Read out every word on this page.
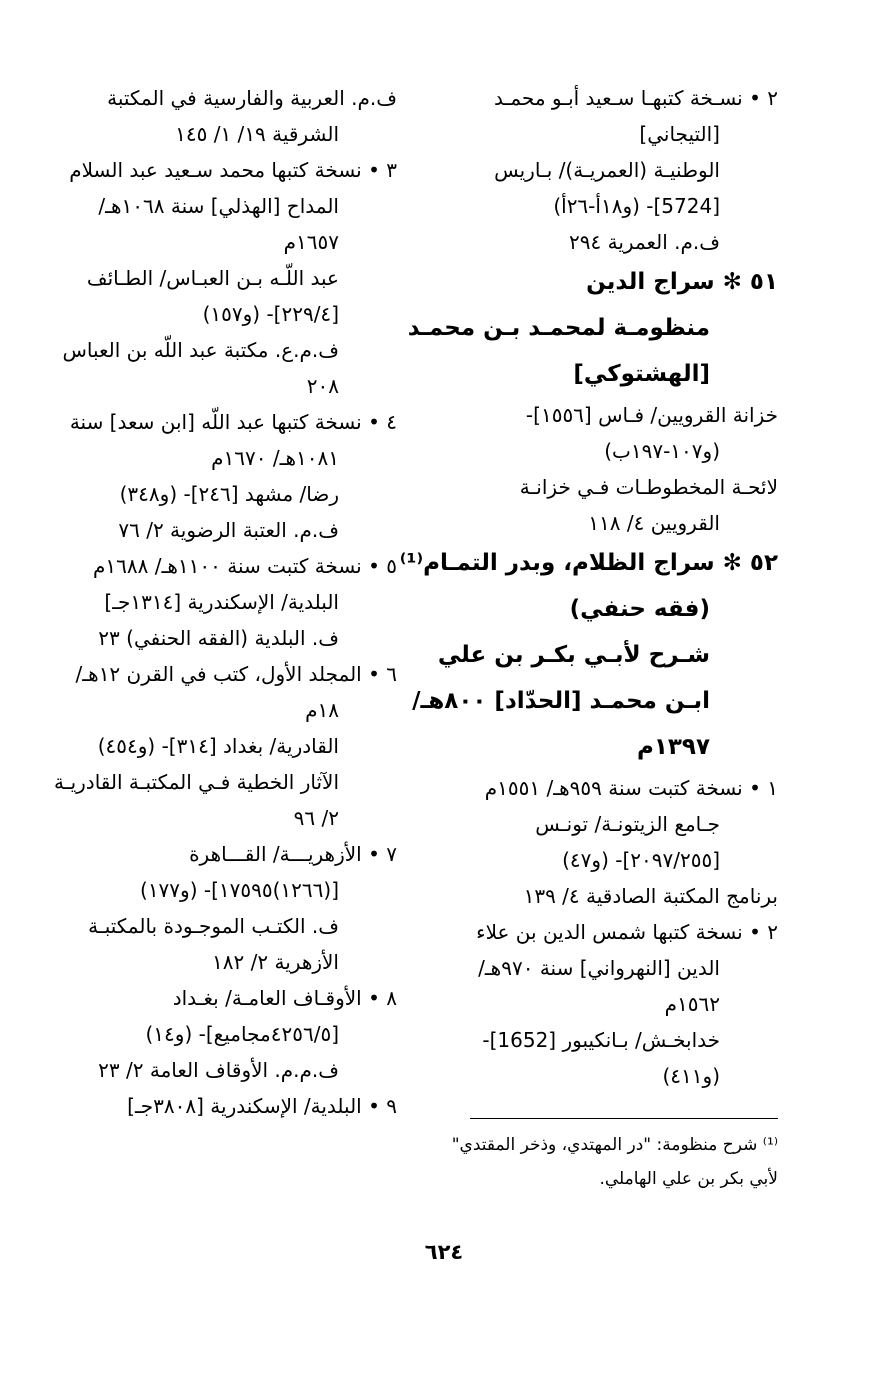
٢ • نسـخة كتبهـا سـعيد أبـو محمـد
[التيجاني]
الوطنيـة (العمريـة)/ بـاريس
[5724]- (و١٨أ-٢٦أ)
ف.م. العمرية ٢٩٤
٥١ ✻ سراج الدين
منظومـة لمحمـد بـن محمـد
[الهشتوكي]
خزانة القرويين/ فـاس [١٥٥٦]-
(و١٠٧-١٩٧ب)
لائحـة المخطوطـات فـي خزانـة
القرويين ٤/ ١١٨
٥٢ ✻ سراج الظلام، وبدر التمـام⁽¹⁾
(فقه حنفي)
شـرح لأبـي بكـر بن علي
ابـن محمـد [الحدّاد] ٨٠٠هـ/
١٣٩٧م
١ • نسخة كتبت سنة ٩٥٩هـ/ ١٥٥١م
جـامع الزيتونـة/ تونـس
[٢٠٩٧/٢٥٥]- (و٤٧)
برنامج المكتبة الصادقية ٤/ ١٣٩
٢ • نسخة كتبها شمس الدين بن علاء
الدين [النهرواني] سنة ٩٧٠هـ/
١٥٦٢م
خدابخـش/ بـانكيبور [1652]-
(و٤١١)
ف.م. العربية والفارسية في المكتبة
الشرقية ١٩/ ١/ ١٤٥
٣ • نسخة كتبها محمد سـعيد عبد السلام
المداح [الهذلي] سنة ١٠٦٨هـ/
١٦٥٧م
عبد اللّـه بـن العبـاس/ الطـائف
[٢٢٩/٤]- (و١٥٧)
ف.م.ع. مكتبة عبد اللّه بن العباس
٢٠٨
٤ • نسخة كتبها عبد اللّه [ابن سعد] سنة
١٠٨١هـ/ ١٦٧٠م
رضا/ مشهد [٢٤٦]- (و٣٤٨)
ف.م. العتبة الرضوية ٢/ ٧٦
٥ • نسخة كتبت سنة ١١٠٠هـ/ ١٦٨٨م
البلدية/ الإسكندرية [١٣١٤جـ]
ف. البلدية (الفقه الحنفي) ٢٣
٦ • المجلد الأول، كتب في القرن ١٢هـ/
١٨م
القادرية/ بغداد [٣١٤]- (و٤٥٤)
الآثار الخطية فـي المكتبـة القادريـة
٢/ ٩٦
٧ • الأزهريـــة/ القـــاهرة
[(١٢٦٦)١٧٥٩٥]- (و١٧٧)
ف. الكتـب الموجـودة بالمكتبـة
الأزهرية ٢/ ١٨٢
٨ • الأوقـاف العامـة/ بغـداد
[٤٢٥٦/٥مجاميع]- (و١٤)
ف.م.م. الأوقاف العامة ٢/ ٢٣
٩ • البلدية/ الإسكندرية [٣٨٠٨جـ]
⁽¹⁾ شرح منظومة: "در المهتدي، وذخر المقتدي"
لأبي بكر بن علي الهاملي.
٦٢٤
